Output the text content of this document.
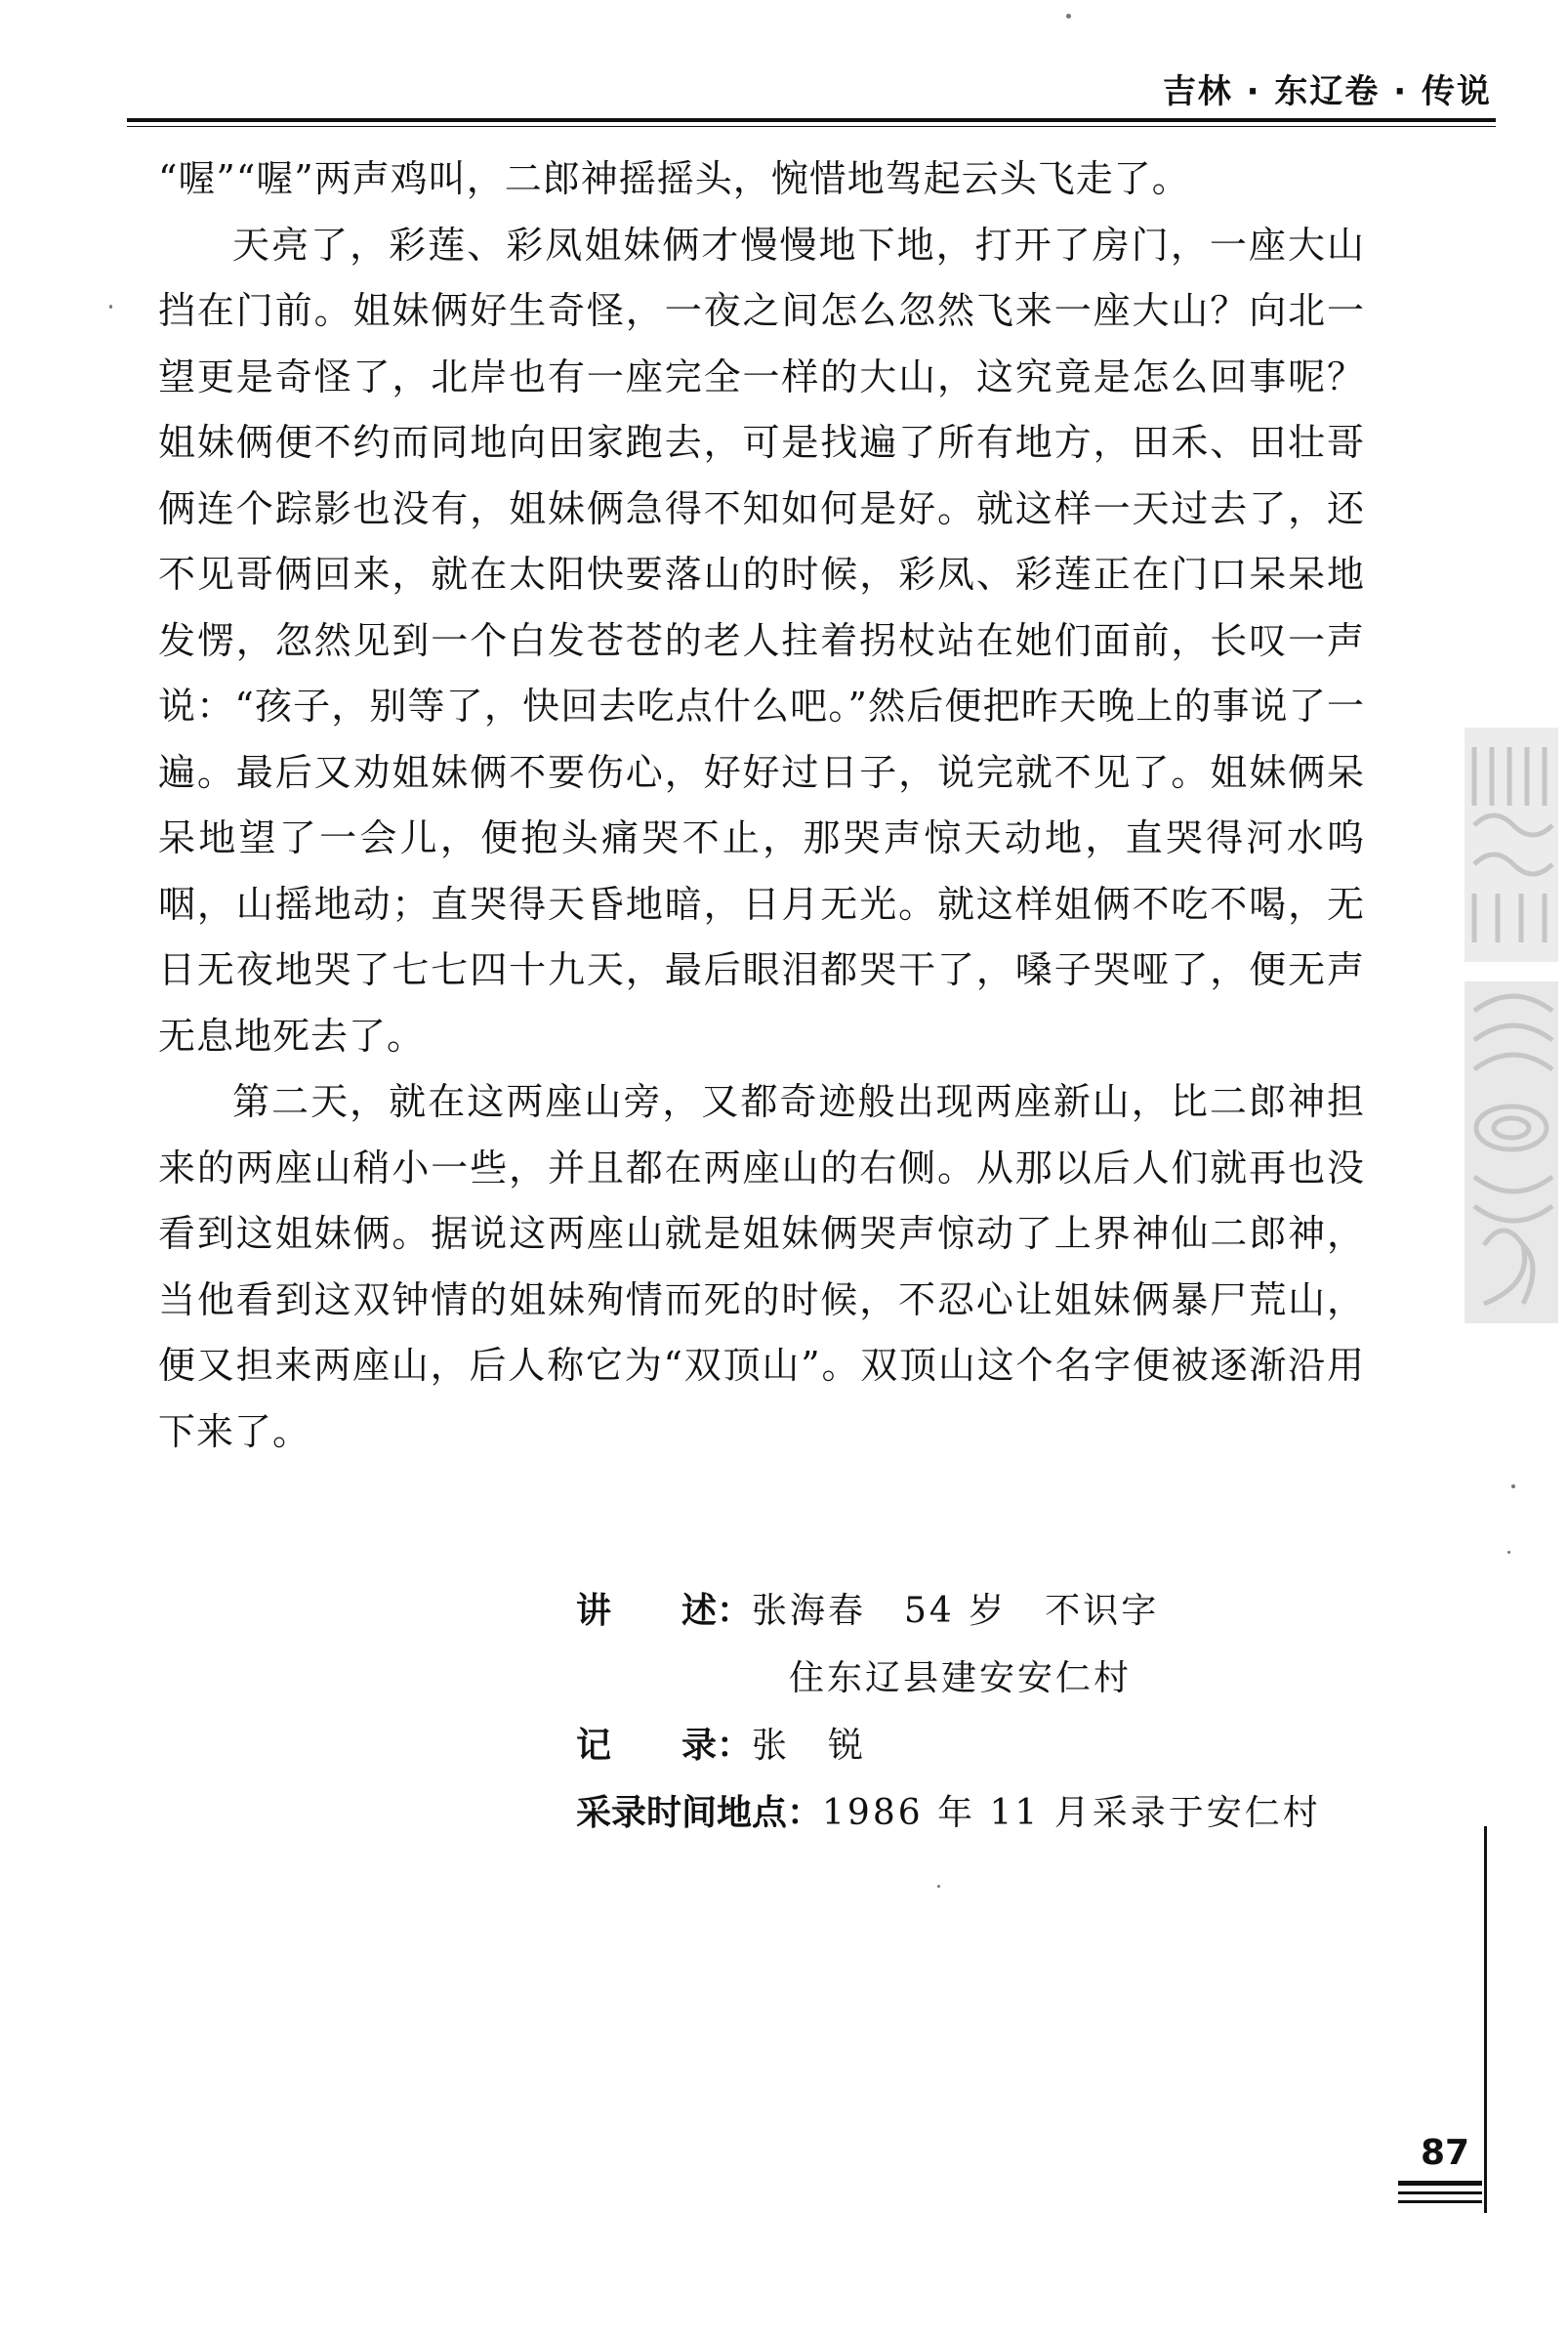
吉林 · 东辽卷 · 传说

“喔”“喔”两声鸡叫，二郎神摇摇头，惋惜地驾起云头飞走了。

天亮了，彩莲、彩凤姐妹俩才慢慢地下地，打开了房门，一座大山挡在门前。姐妹俩好生奇怪，一夜之间怎么忽然飞来一座大山？向北一望更是奇怪了，北岸也有一座完全一样的大山，这究竟是怎么回事呢？姐妹俩便不约而同地向田家跑去，可是找遍了所有地方，田禾、田壮哥俩连个踪影也没有，姐妹俩急得不知如何是好。就这样一天过去了，还不见哥俩回来，就在太阳快要落山的时候，彩凤、彩莲正在门口呆呆地发愣，忽然见到一个白发苍苍的老人拄着拐杖站在她们面前，长叹一声说：“孩子，别等了，快回去吃点什么吧。”然后便把昨天晚上的事说了一遍。最后又劝姐妹俩不要伤心，好好过日子，说完就不见了。姐妹俩呆呆地望了一会儿，便抱头痛哭不止，那哭声惊天动地，直哭得河水呜咽，山摇地动；直哭得天昏地暗，日月无光。就这样姐俩不吃不喝，无日无夜地哭了七七四十九天，最后眼泪都哭干了，嗓子哭哑了，便无声无息地死去了。

第二天，就在这两座山旁，又都奇迹般出现两座新山，比二郎神担来的两座山稍小一些，并且都在两座山的右侧。从那以后人们就再也没看到这姐妹俩。据说这两座山就是姐妹俩哭声惊动了上界神仙二郎神，当他看到这双钟情的姐妹殉情而死的时候，不忍心让姐妹俩暴尸荒山，便又担来两座山，后人称它为“双顶山”。双顶山这个名字便被逐渐沿用下来了。

讲　　述： 张海春　54 岁　不识字
住东辽县建安安仁村
记　　录： 张　锐
采录时间地点： 1986 年 11 月采录于安仁村
87
